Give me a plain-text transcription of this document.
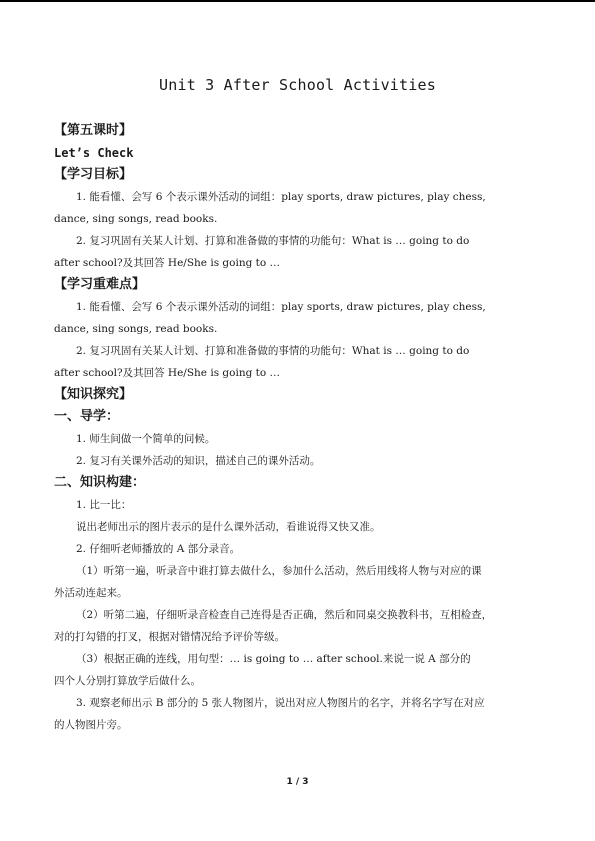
Unit 3 After School Activities
【第五课时】
Let’s Check
【学习目标】
1. 能看懂、会写 6 个表示课外活动的词组：play sports, draw pictures, play chess,
dance, sing songs, read books.
2. 复习巩固有关某人计划、打算和准备做的事情的功能句：What is … going to do
after school?及其回答 He/She is going to …
【学习重难点】
1. 能看懂、会写 6 个表示课外活动的词组：play sports, draw pictures, play chess,
dance, sing songs, read books.
2. 复习巩固有关某人计划、打算和准备做的事情的功能句：What is … going to do
after school?及其回答 He/She is going to …
【知识探究】
一、导学：
1. 师生间做一个简单的问候。
2. 复习有关课外活动的知识，描述自己的课外活动。
二、知识构建：
1. 比一比：
说出老师出示的图片表示的是什么课外活动，看谁说得又快又准。
2. 仔细听老师播放的 A 部分录音。
（1）听第一遍，听录音中谁打算去做什么，参加什么活动，然后用线将人物与对应的课
外活动连起来。
（2）听第二遍，仔细听录音检查自己连得是否正确，然后和同桌交换教科书，互相检查，
对的打勾错的打叉，根据对错情况给予评价等级。
（3）根据正确的连线，用句型：… is going to … after school.来说一说 A 部分的
四个人分别打算放学后做什么。
3. 观察老师出示 B 部分的 5 张人物图片，说出对应人物图片的名字，并将名字写在对应
的人物图片旁。
1 / 3
